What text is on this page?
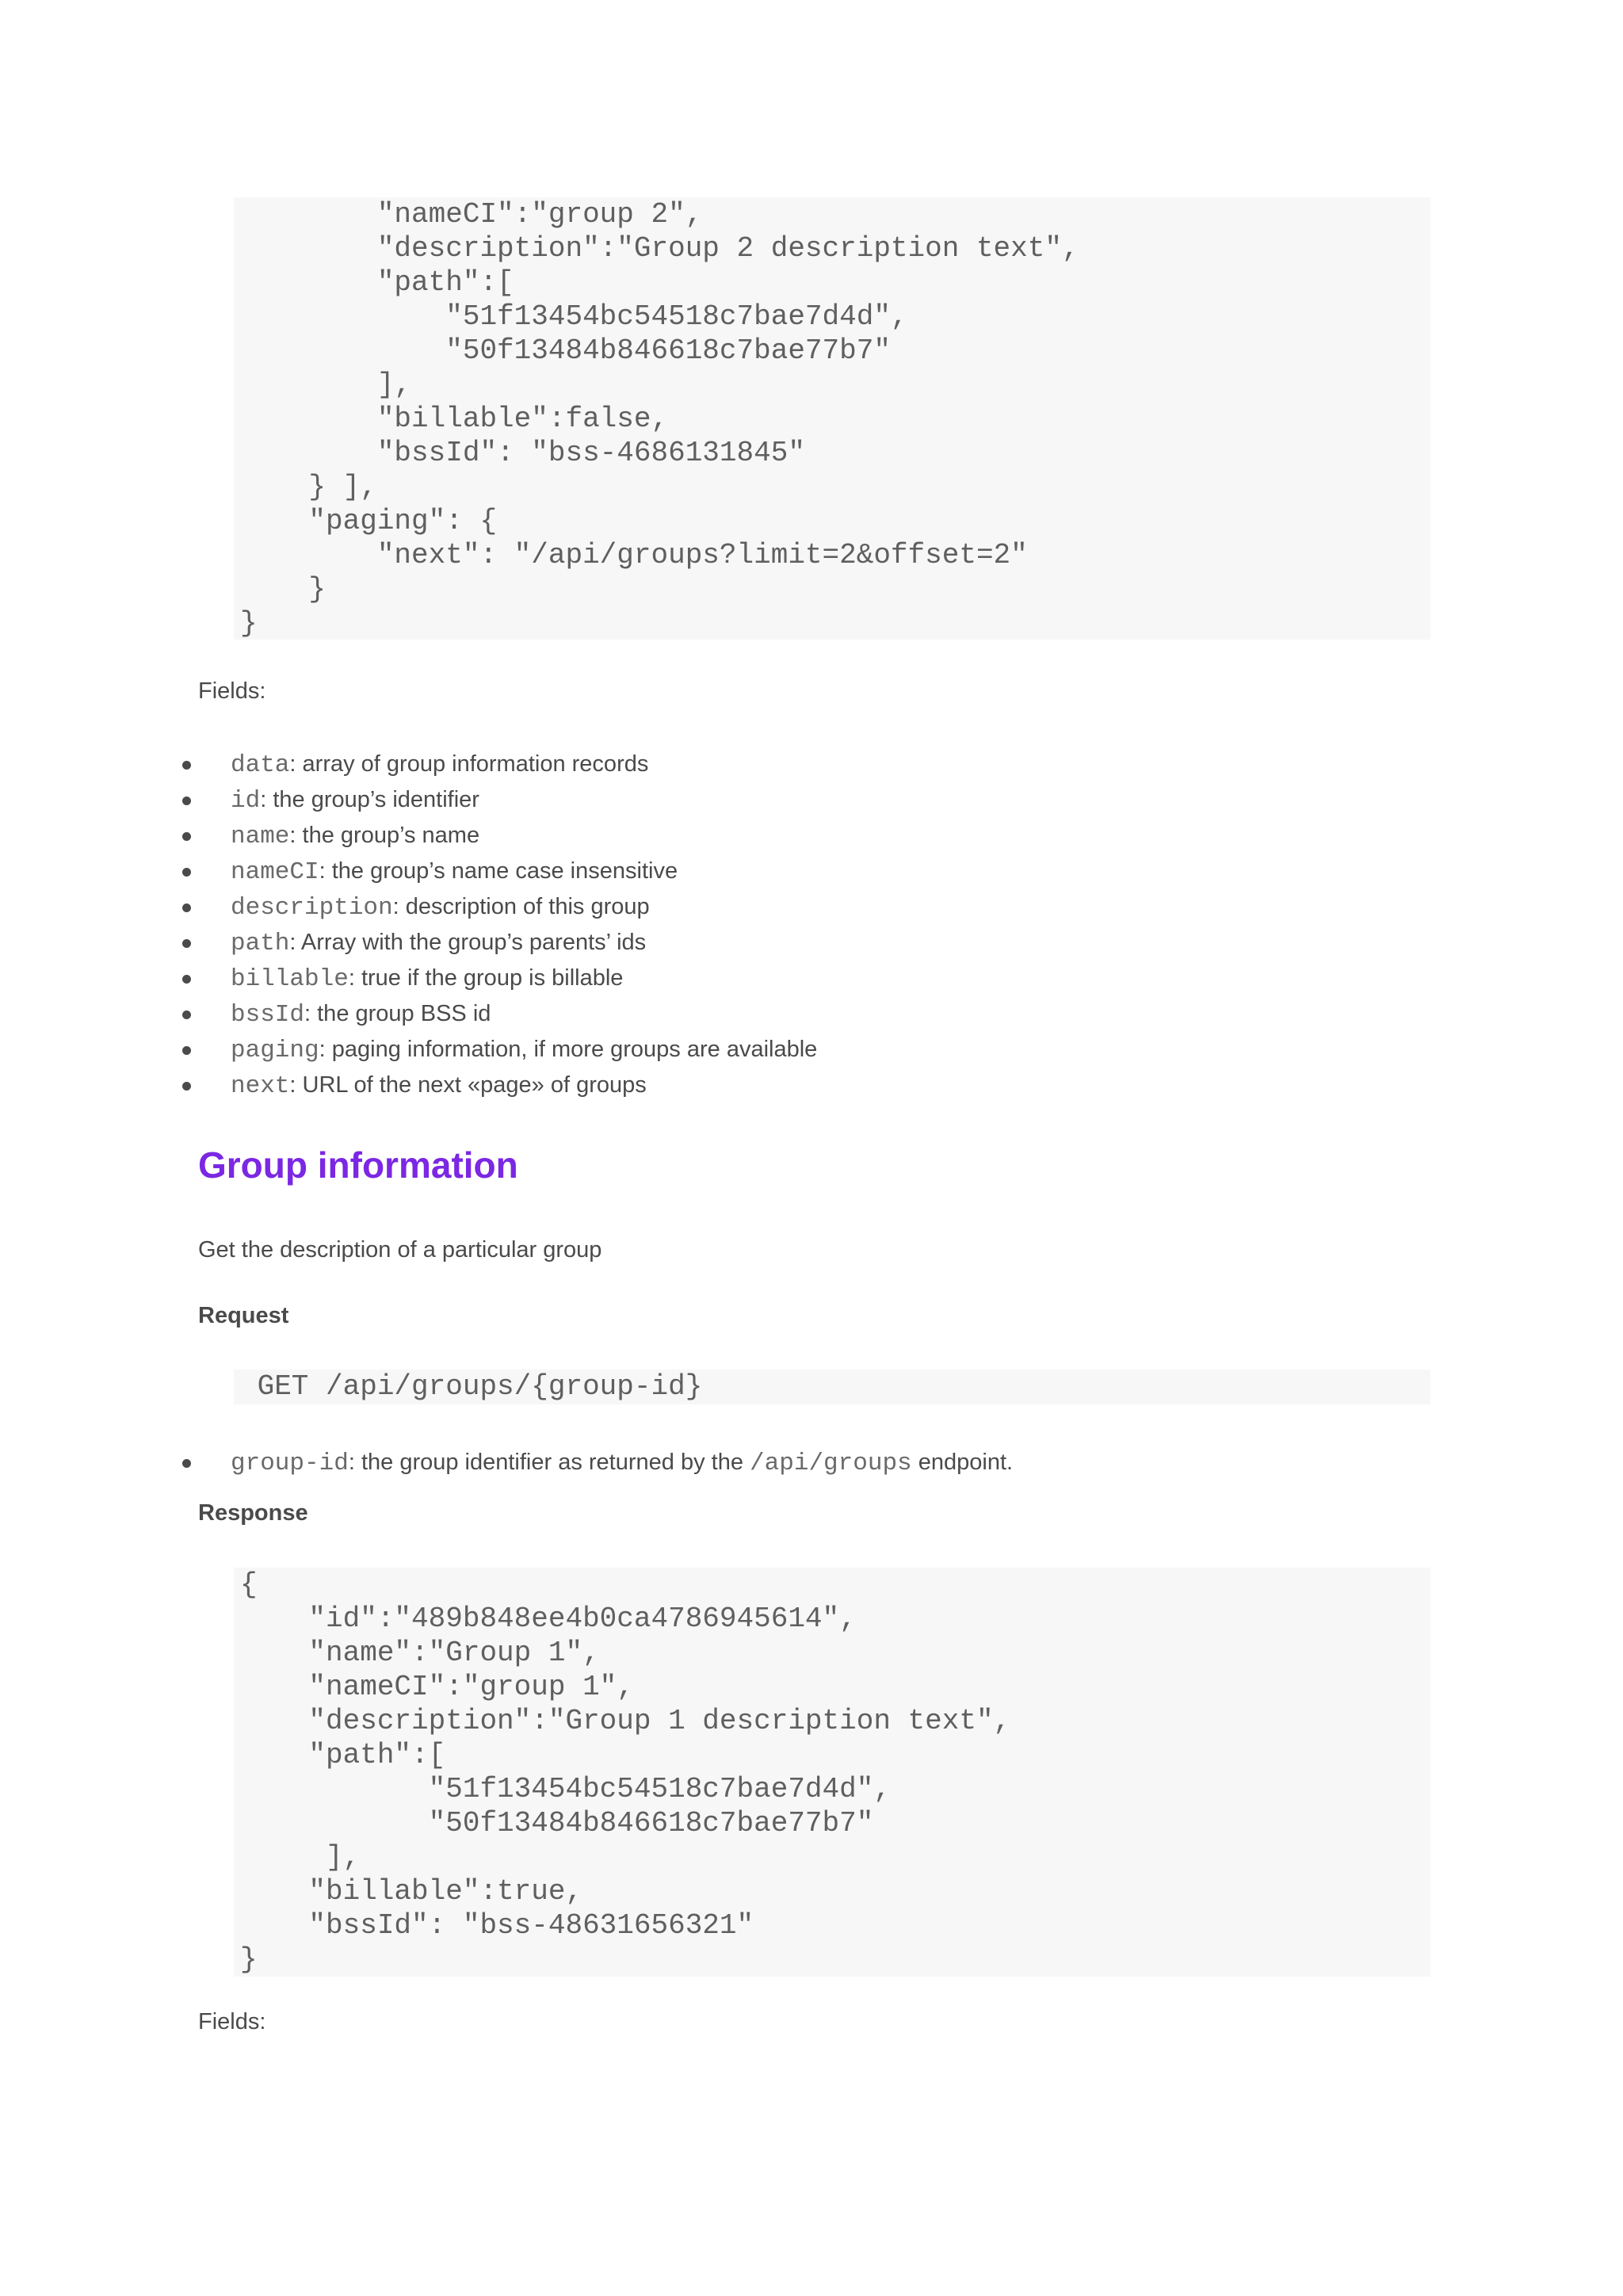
"nameCI":"group 2",
"description":"Group 2 description text",
"path":[
"51f13454bc54518c7bae7d4d",
"50f13484b846618c7bae77b7"
],
"billable":false,
"bssId": "bss-4686131845"
} ],
"paging": {
"next": "/api/groups?limit=2&offset=2"
}
}
Fields:
data: array of group information records
id: the group’s identifier
name: the group’s name
nameCI: the group’s name case insensitive
description: description of this group
path: Array with the group’s parents’ ids
billable: true if the group is billable
bssId: the group BSS id
paging: paging information, if more groups are available
next: URL of the next «page» of groups
Group information
Get the description of a particular group
Request
GET /api/groups/{group-id}
group-id: the group identifier as returned by the /api/groups endpoint.
Response
{
"id":"489b848ee4b0ca4786945614",
"name":"Group 1",
"nameCI":"group 1",
"description":"Group 1 description text",
"path":[
"51f13454bc54518c7bae7d4d",
"50f13484b846618c7bae77b7"
],
"billable":true,
"bssId": "bss-48631656321"
}
Fields:
